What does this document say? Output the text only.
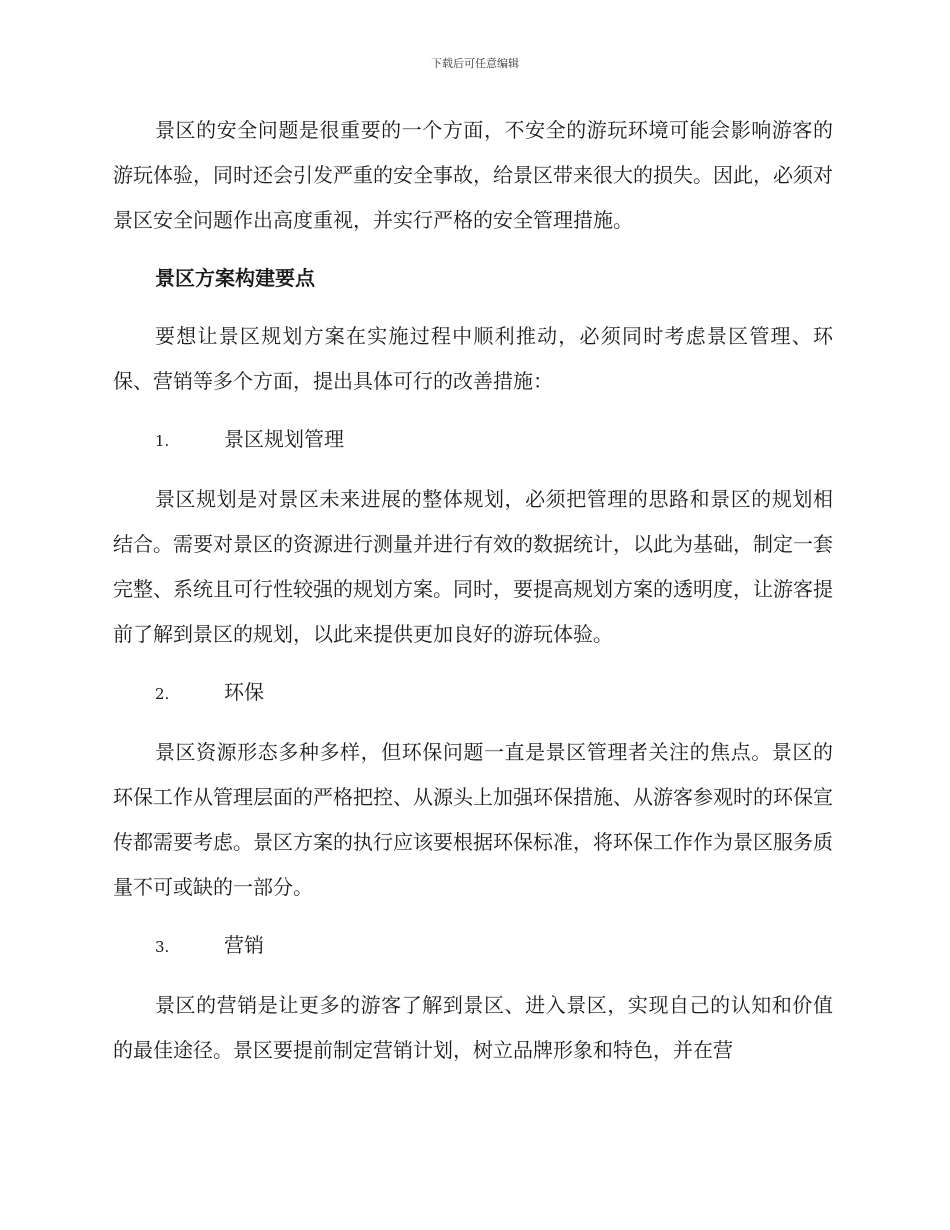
下载后可任意编辑

景区的安全问题是很重要的一个方面，不安全的游玩环境可能会影响游客的游玩体验，同时还会引发严重的安全事故，给景区带来很大的损失。因此，必须对景区安全问题作出高度重视，并实行严格的安全管理措施。

景区方案构建要点

要想让景区规划方案在实施过程中顺利推动，必须同时考虑景区管理、环保、营销等多个方面，提出具体可行的改善措施：

1.	景区规划管理

景区规划是对景区未来进展的整体规划，必须把管理的思路和景区的规划相结合。需要对景区的资源进行测量并进行有效的数据统计，以此为基础，制定一套完整、系统且可行性较强的规划方案。同时，要提高规划方案的透明度，让游客提前了解到景区的规划，以此来提供更加良好的游玩体验。

2.	环保

景区资源形态多种多样，但环保问题一直是景区管理者关注的焦点。景区的环保工作从管理层面的严格把控、从源头上加强环保措施、从游客参观时的环保宣传都需要考虑。景区方案的执行应该要根据环保标准，将环保工作作为景区服务质量不可或缺的一部分。

3.	营销

景区的营销是让更多的游客了解到景区、进入景区，实现自己的认知和价值的最佳途径。景区要提前制定营销计划，树立品牌形象和特色，并在营
